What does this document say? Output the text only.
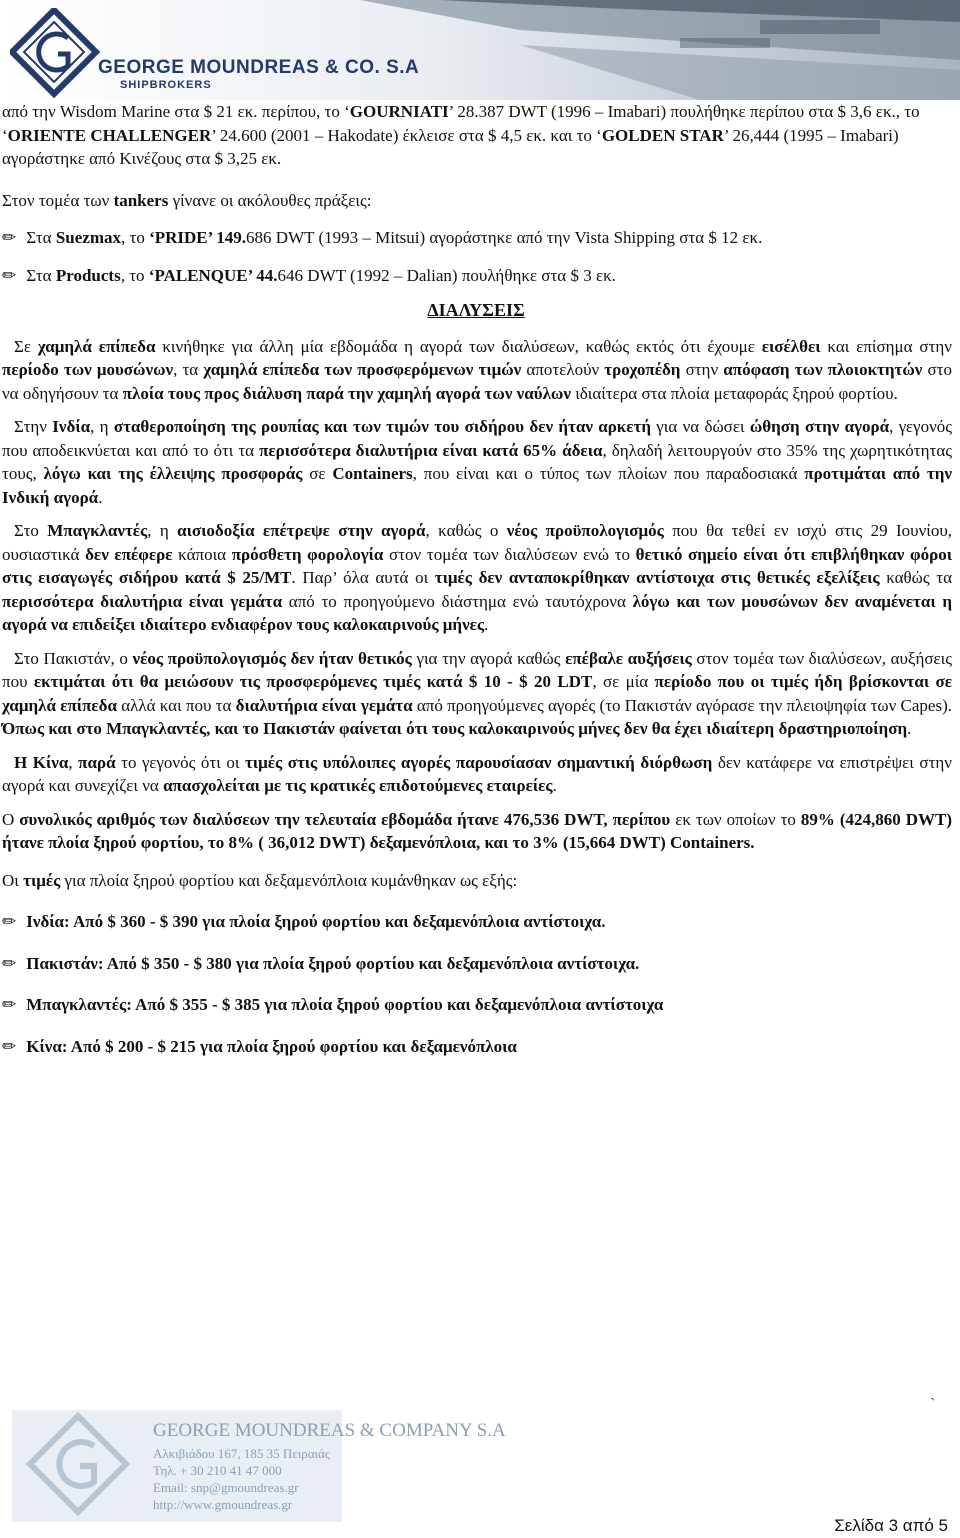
GEORGE MOUNDREAS & CO. S.A
SHIPBROKERS

από την Wisdom Marine στα $ 21 εκ. περίπου, το ‘GOURNIATI’ 28.387 DWT (1996 – Imabari) πουλήθηκε περίπου στα $ 3,6 εκ., το ‘ORIENTE CHALLENGER’ 24.600 (2001 – Hakodate) έκλεισε στα $ 4,5 εκ. και το ‘GOLDEN STAR’ 26,444 (1995 – Imabari) αγοράστηκε από Κινέζους στα $ 3,25 εκ.

Στον τομέα των tankers γίνανε οι ακόλουθες πράξεις:

✏ Στα Suezmax, το ‘PRIDE’ 149.686 DWT (1993 – Mitsui) αγοράστηκε από την Vista Shipping στα $ 12 εκ.

✏ Στα Products, το ‘PALENQUE’ 44.646 DWT (1992 – Dalian) πουλήθηκε στα $ 3 εκ.

ΔΙΑΛΥΣΕΙΣ

Σε χαμηλά επίπεδα κινήθηκε για άλλη μία εβδομάδα η αγορά των διαλύσεων, καθώς εκτός ότι έχουμε εισέλθει και επίσημα στην περίοδο των μουσώνων, τα χαμηλά επίπεδα των προσφερόμενων τιμών αποτελούν τροχοπέδη στην απόφαση των πλοιοκτητών στο να οδηγήσουν τα πλοία τους προς διάλυση παρά την χαμηλή αγορά των ναύλων ιδιαίτερα στα πλοία μεταφοράς ξηρού φορτίου.

Στην Ινδία, η σταθεροποίηση της ρουπίας και των τιμών του σιδήρου δεν ήταν αρκετή για να δώσει ώθηση στην αγορά, γεγονός που αποδεικνύεται και από το ότι τα περισσότερα διαλυτήρια είναι κατά 65% άδεια, δηλαδή λειτουργούν στο 35% της χωρητικότητας τους, λόγω και της έλλειψης προσφοράς σε Containers, που είναι και ο τύπος των πλοίων που παραδοσιακά προτιμάται από την Ινδική αγορά.

Στο Μπαγκλαντές, η αισιοδοξία επέτρεψε στην αγορά, καθώς ο νέος προϋπολογισμός που θα τεθεί εν ισχύ στις 29 Ιουνίου, ουσιαστικά δεν επέφερε κάποια πρόσθετη φορολογία στον τομέα των διαλύσεων ενώ το θετικό σημείο είναι ότι επιβλήθηκαν φόροι στις εισαγωγές σιδήρου κατά $ 25/MT. Παρ’ όλα αυτά οι τιμές δεν ανταποκρίθηκαν αντίστοιχα στις θετικές εξελίξεις καθώς τα περισσότερα διαλυτήρια είναι γεμάτα από το προηγούμενο διάστημα ενώ ταυτόχρονα λόγω και των μουσώνων δεν αναμένεται η αγορά να επιδείξει ιδιαίτερο ενδιαφέρον τους καλοκαιρινούς μήνες.

Στο Πακιστάν, ο νέος προϋπολογισμός δεν ήταν θετικός για την αγορά καθώς επέβαλε αυξήσεις στον τομέα των διαλύσεων, αυξήσεις που εκτιμάται ότι θα μειώσουν τις προσφερόμενες τιμές κατά $ 10 - $ 20 LDT, σε μία περίοδο που οι τιμές ήδη βρίσκονται σε χαμηλά επίπεδα αλλά και που τα διαλυτήρια είναι γεμάτα από προηγούμενες αγορές (το Πακιστάν αγόρασε την πλειοψηφία των Capes). Όπως και στο Μπαγκλαντές, και το Πακιστάν φαίνεται ότι τους καλοκαιρινούς μήνες δεν θα έχει ιδιαίτερη δραστηριοποίηση.

Η Κίνα, παρά το γεγονός ότι οι τιμές στις υπόλοιπες αγορές παρουσίασαν σημαντική διόρθωση δεν κατάφερε να επιστρέψει στην αγορά και συνεχίζει να απασχολείται με τις κρατικές επιδοτούμενες εταιρείες.

Ο συνολικός αριθμός των διαλύσεων την τελευταία εβδομάδα ήτανε 476,536 DWT, περίπου εκ των οποίων το 89% (424,860 DWT) ήτανε πλοία ξηρού φορτίου, το 8% ( 36,012 DWT) δεξαμενόπλοια, και το 3% (15,664 DWT) Containers.

Οι τιμές για πλοία ξηρού φορτίου και δεξαμενόπλοια κυμάνθηκαν ως εξής:

✏ Ινδία: Από $ 360 - $ 390 για πλοία ξηρού φορτίου και δεξαμενόπλοια αντίστοιχα.

✏ Πακιστάν: Από $ 350 - $ 380 για πλοία ξηρού φορτίου και δεξαμενόπλοια αντίστοιχα.

✏ Μπαγκλαντές: Από $ 355 - $ 385 για πλοία ξηρού φορτίου και δεξαμενόπλοια αντίστοιχα

✏ Κίνα: Από $ 200 - $ 215 για πλοία ξηρού φορτίου και δεξαμενόπλοια

`
GEORGE MOUNDREAS & COMPANY S.A
Αλκιβιάδου 167, 185 35 Πειραιάς
Τηλ. + 30 210 41 47 000
Email: snp@gmoundreas.gr
http://www.gmoundreas.gr
Σελίδα 3 από 5
